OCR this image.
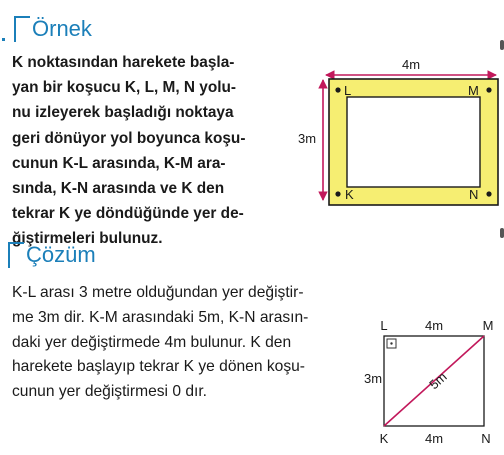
Örnek
K noktasından harekete başla-
yan bir koşucu K, L, M, N yolu-
nu izleyerek başladığı noktaya
geri dönüyor yol boyunca koşu-
cunun K-L arasında, K-M ara-
sında, K-N arasında ve K den
tekrar K ye döndüğünde yer de-
ğiştirmeleri bulunuz.
Çözüm
K-L arası 3 metre olduğundan yer değiştir-
me 3m dir. K-M arasındaki 5m, K-N arasın-
daki yer değiştirmede 4m bulunur. K den
harekete başlayıp tekrar K ye dönen koşu-
cunun yer değiştirmesi 0 dır.
4m
3m
L	M
K	N
L	4m	M
3m	5m
K	4m	N
